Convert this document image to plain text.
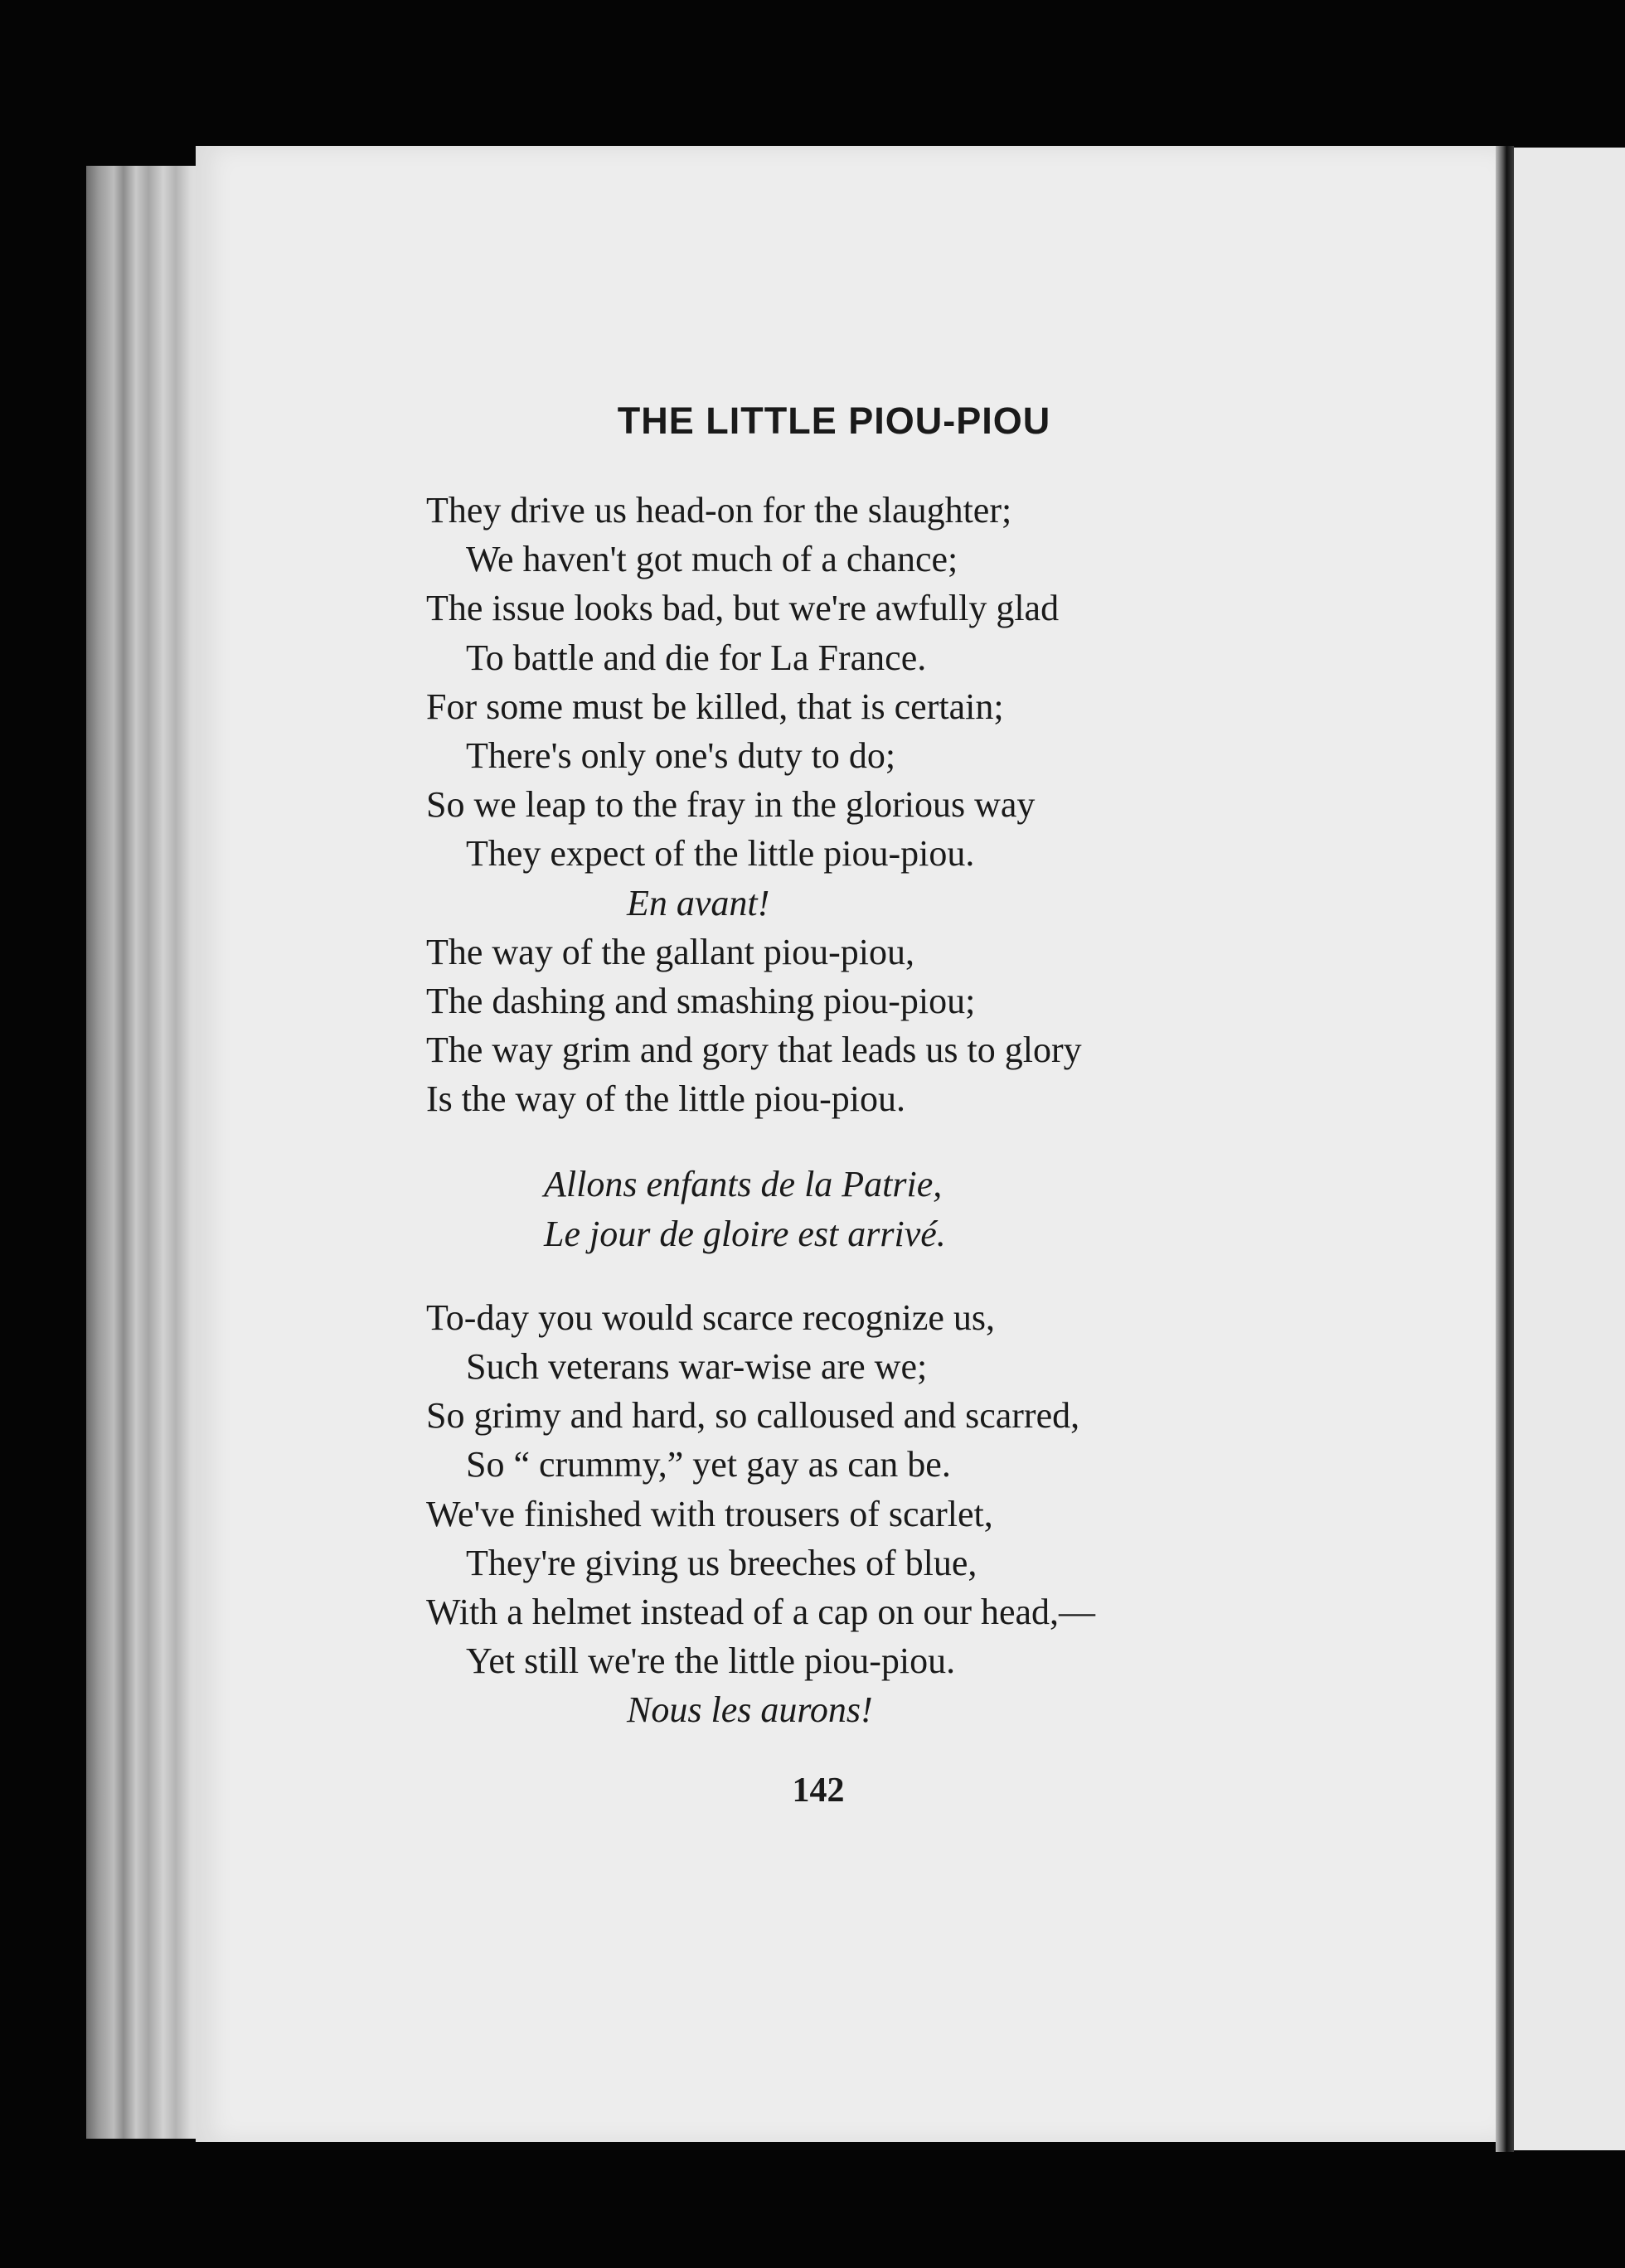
THE LITTLE PIOU-PIOU
They drive us head-on for the slaughter;
We haven't got much of a chance;
The issue looks bad, but we're awfully glad
To battle and die for La France.
For some must be killed, that is certain;
There's only one's duty to do;
So we leap to the fray in the glorious way
They expect of the little piou-piou.
En avant!
The way of the gallant piou-piou,
The dashing and smashing piou-piou;
The way grim and gory that leads us to glory
Is the way of the little piou-piou.
Allons enfants de la Patrie,
Le jour de gloire est arrivé.
To-day you would scarce recognize us,
Such veterans war-wise are we;
So grimy and hard, so calloused and scarred,
So “ crummy,” yet gay as can be.
We've finished with trousers of scarlet,
They're giving us breeches of blue,
With a helmet instead of a cap on our head,—
Yet still we're the little piou-piou.
Nous les aurons!
142
